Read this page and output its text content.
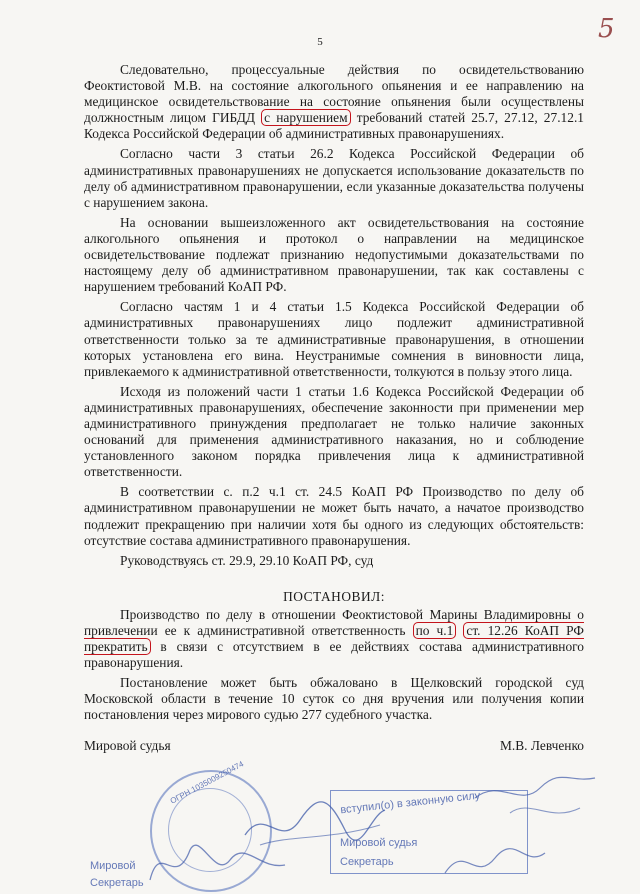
5	5

Следовательно, процессуальные действия по освидетельствованию Феоктистовой М.В. на состояние алкогольного опьянения и ее направлению на медицинское освидетельствование на состояние опьянения были осуществлены должностным лицом ГИБДД с нарушением требований статей 25.7, 27.12, 27.12.1 Кодекса Российской Федерации об административных правонарушениях.

Согласно части 3 статьи 26.2 Кодекса Российской Федерации об административных правонарушениях не допускается использование доказательств по делу об административном правонарушении, если указанные доказательства получены с нарушением закона.

На основании вышеизложенного акт освидетельствования на состояние алкогольного опьянения и протокол о направлении на медицинское освидетельствование подлежат признанию недопустимыми доказательствами по настоящему делу об административном правонарушении, так как составлены с нарушением требований КоАП РФ.

Согласно частям 1 и 4 статьи 1.5 Кодекса Российской Федерации об административных правонарушениях лицо подлежит административной ответственности только за те административные правонарушения, в отношении которых установлена его вина. Неустранимые сомнения в виновности лица, привлекаемого к административной ответственности, толкуются в пользу этого лица.

Исходя из положений части 1 статьи 1.6 Кодекса Российской Федерации об административных правонарушениях, обеспечение законности при применении мер административного принуждения предполагает не только наличие законных оснований для применения административного наказания, но и соблюдение установленного законом порядка привлечения лица к административной ответственности.

В соответствии с. п.2 ч.1 ст. 24.5 КоАП РФ Производство по делу об административном правонарушении не может быть начато, а начатое производство подлежит прекращению при наличии хотя бы одного из следующих обстоятельств: отсутствие состава административного правонарушения.

Руководствуясь ст. 29.9, 29.10 КоАП РФ, суд

ПОСТАНОВИЛ:

Производство по делу в отношении Феоктистовой Марины Владимировны о привлечении ее к административной ответственность по ч.1 ст. 12.26 КоАП РФ прекратить в связи с отсутствием в ее действиях состава административного правонарушения.

Постановление может быть обжаловано в Щелковский городской суд Московской области в течение 10 суток со дня вручения или получения копии постановления через мирового судью 277 судебного участка.

Мировой судья	М.В. Левченко
ОГРН 1035009250474
Мировой
Секретарь
вступил(о) в законную силу
Мировой судья
Секретарь
